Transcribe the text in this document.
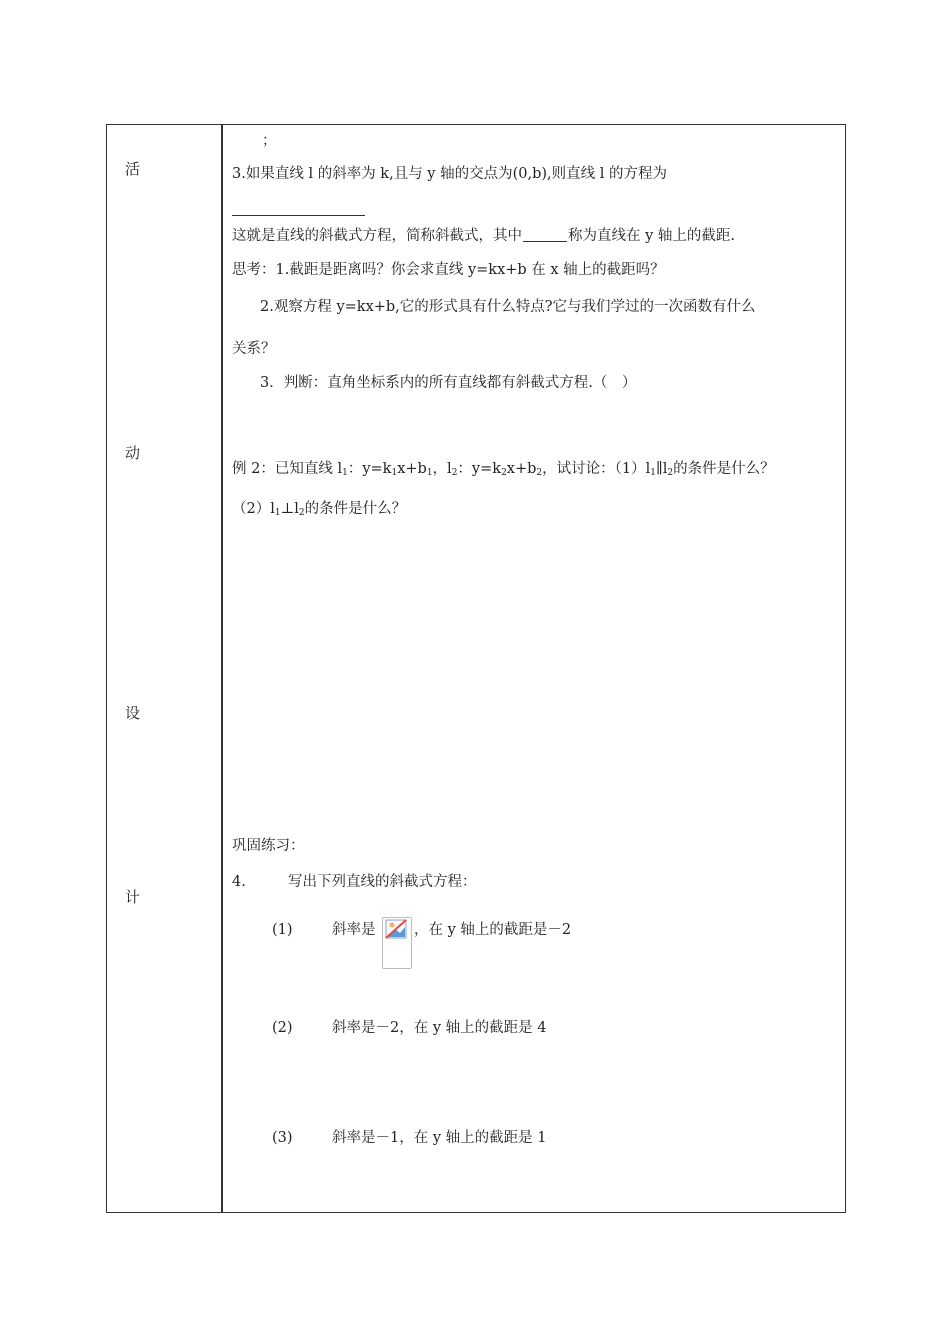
活
动
设
计
；
3.如果直线 l 的斜率为 k,且与 y 轴的交点为(0,b),则直线 l 的方程为
这就是直线的斜截式方程，简称斜截式，其中	称为直线在 y 轴上的截距.
思考：1.截距是距离吗？你会求直线 y=kx+b 在 x 轴上的截距吗？
2.观察方程 y=kx+b,它的形式具有什么特点?它与我们学过的一次函数有什么
关系？
3．判断：直角坐标系内的所有直线都有斜截式方程.（　）
例 2：已知直线 $l_1$：$y=k_1x+b_1$，$l_2$：$y=k_2x+b_2$，试讨论：$(1)l_1\parallel l_2$的条件是什么？
$(2)l_1\perp l_2$的条件是什么？
巩固练习：
4.	写出下列直线的斜截式方程：
(1)	斜率是	，在 y 轴上的截距是－2
(2)	斜率是－2，在 y 轴上的截距是 4
(3)	斜率是－1，在 y 轴上的截距是 1
